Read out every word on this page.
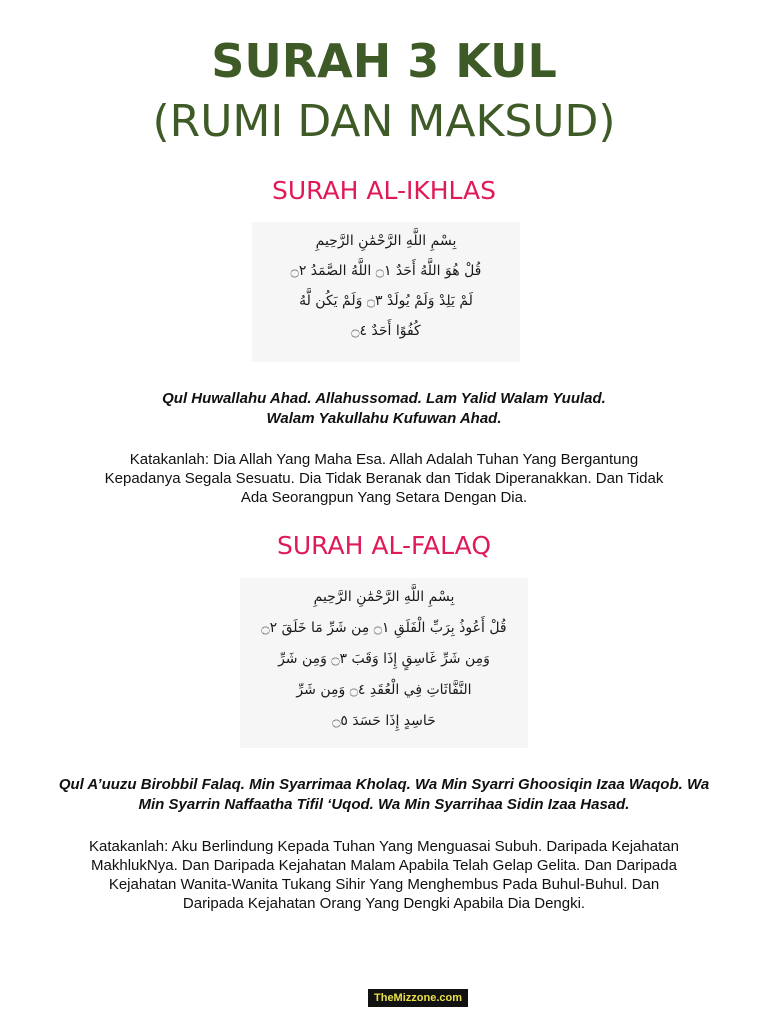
SURAH 3 KUL
(RUMI DAN MAKSUD)
SURAH AL-IKHLAS
بِسْمِ اللَّهِ الرَّحْمَٰنِ الرَّحِيمِ
قُلْ هُوَ اللَّهُ أَحَدٌ ۝١ اللَّهُ الصَّمَدُ ۝٢
لَمْ يَلِدْ وَلَمْ يُولَدْ ۝٣ وَلَمْ يَكُن لَّهُ
كُفُوًا أَحَدٌ ۝٤
Qul Huwallahu Ahad. Allahussomad. Lam Yalid Walam Yuulad.
Walam Yakullahu Kufuwan Ahad.
Katakanlah: Dia Allah Yang Maha Esa. Allah Adalah Tuhan Yang Bergantung
Kepadanya Segala Sesuatu. Dia Tidak Beranak dan Tidak Diperanakkan. Dan Tidak
Ada Seorangpun Yang Setara Dengan Dia.
SURAH AL-FALAQ
بِسْمِ اللَّهِ الرَّحْمَٰنِ الرَّحِيمِ
قُلْ أَعُوذُ بِرَبِّ الْفَلَقِ ۝١ مِن شَرِّ مَا خَلَقَ ۝٢
وَمِن شَرِّ غَاسِقٍ إِذَا وَقَبَ ۝٣ وَمِن شَرِّ
النَّفَّاثَاتِ فِي الْعُقَدِ ۝٤ وَمِن شَرِّ
حَاسِدٍ إِذَا حَسَدَ ۝٥
Qul A’uuzu Birobbil Falaq. Min Syarrimaa Kholaq. Wa Min Syarri Ghoosiqin Izaa Waqob. Wa
Min Syarrin Naffaatha Tifil ‘Uqod. Wa Min Syarrihaa Sidin Izaa Hasad.
Katakanlah: Aku Berlindung Kepada Tuhan Yang Menguasai Subuh. Daripada Kejahatan
MakhlukNya. Dan Daripada Kejahatan Malam Apabila Telah Gelap Gelita. Dan Daripada
Kejahatan Wanita-Wanita Tukang Sihir Yang Menghembus Pada Buhul-Buhul. Dan
Daripada Kejahatan Orang Yang Dengki Apabila Dia Dengki.
TheMizzone.com
